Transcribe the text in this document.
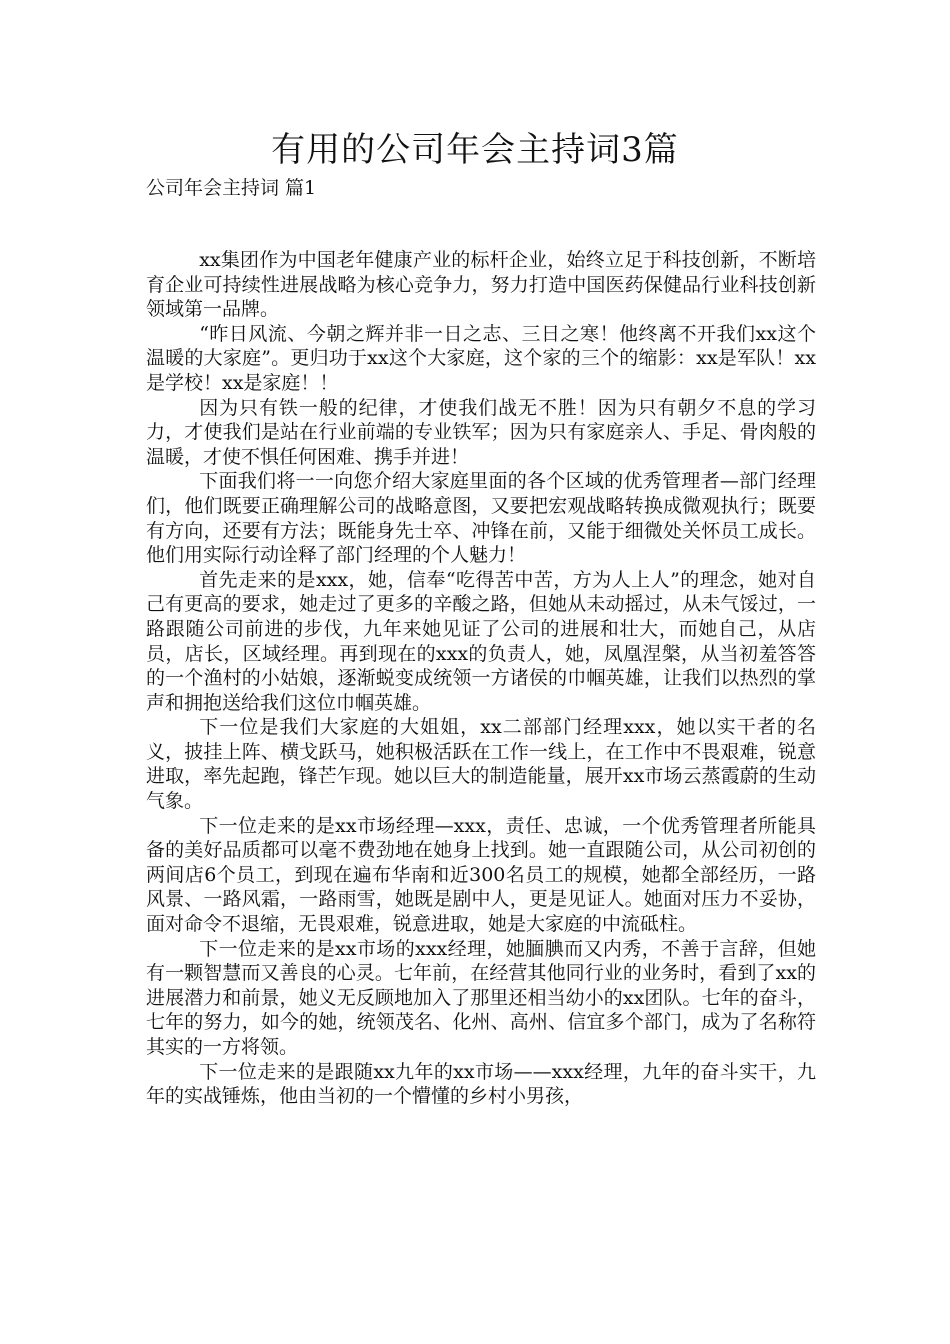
有用的公司年会主持词3篇
公司年会主持词 篇1

xx集团作为中国老年健康产业的标杆企业，始终立足于科技创新，不断培育企业可持续性进展战略为核心竞争力，努力打造中国医药保健品行业科技创新领域第一品牌。

“昨日风流、今朝之辉并非一日之志、三日之寒！他终离不开我们xx这个温暖的大家庭”。更归功于xx这个大家庭，这个家的三个的缩影：xx是军队！xx是学校！xx是家庭！！

因为只有铁一般的纪律，才使我们战无不胜！因为只有朝夕不息的学习力，才使我们是站在行业前端的专业铁军；因为只有家庭亲人、手足、骨肉般的温暖，才使不惧任何困难、携手并进！

下面我们将一一向您介绍大家庭里面的各个区域的优秀管理者—部门经理们，他们既要正确理解公司的战略意图，又要把宏观战略转换成微观执行；既要有方向，还要有方法；既能身先士卒、冲锋在前，又能于细微处关怀员工成长。他们用实际行动诠释了部门经理的个人魅力！

首先走来的是xxx，她，信奉“吃得苦中苦，方为人上人”的理念，她对自己有更高的要求，她走过了更多的辛酸之路，但她从未动摇过，从未气馁过，一路跟随公司前进的步伐，九年来她见证了公司的进展和壮大，而她自己，从店员，店长，区域经理。再到现在的xxx的负责人，她，凤凰涅槃，从当初羞答答的一个渔村的小姑娘，逐渐蜕变成统领一方诸侯的巾帼英雄，让我们以热烈的掌声和拥抱送给我们这位巾帼英雄。

下一位是我们大家庭的大姐姐，xx二部部门经理xxx，她以实干者的名义，披挂上阵、横戈跃马，她积极活跃在工作一线上，在工作中不畏艰难，锐意进取，率先起跑，锋芒乍现。她以巨大的制造能量，展开xx市场云蒸霞蔚的生动气象。

下一位走来的是xx市场经理—xxx，责任、忠诚，一个优秀管理者所能具备的美好品质都可以毫不费劲地在她身上找到。她一直跟随公司，从公司初创的两间店6个员工，到现在遍布华南和近300名员工的规模，她都全部经历，一路风景、一路风霜，一路雨雪，她既是剧中人，更是见证人。她面对压力不妥协，面对命令不退缩，无畏艰难，锐意进取，她是大家庭的中流砥柱。

下一位走来的是xx市场的xxx经理，她腼腆而又内秀，不善于言辞，但她有一颗智慧而又善良的心灵。七年前，在经营其他同行业的业务时，看到了xx的进展潜力和前景，她义无反顾地加入了那里还相当幼小的xx团队。七年的奋斗，七年的努力，如今的她，统领茂名、化州、高州、信宜多个部门，成为了名称符其实的一方将领。

下一位走来的是跟随xx九年的xx市场——xxx经理，九年的奋斗实干，九年的实战锤炼，他由当初的一个懵懂的乡村小男孩，
